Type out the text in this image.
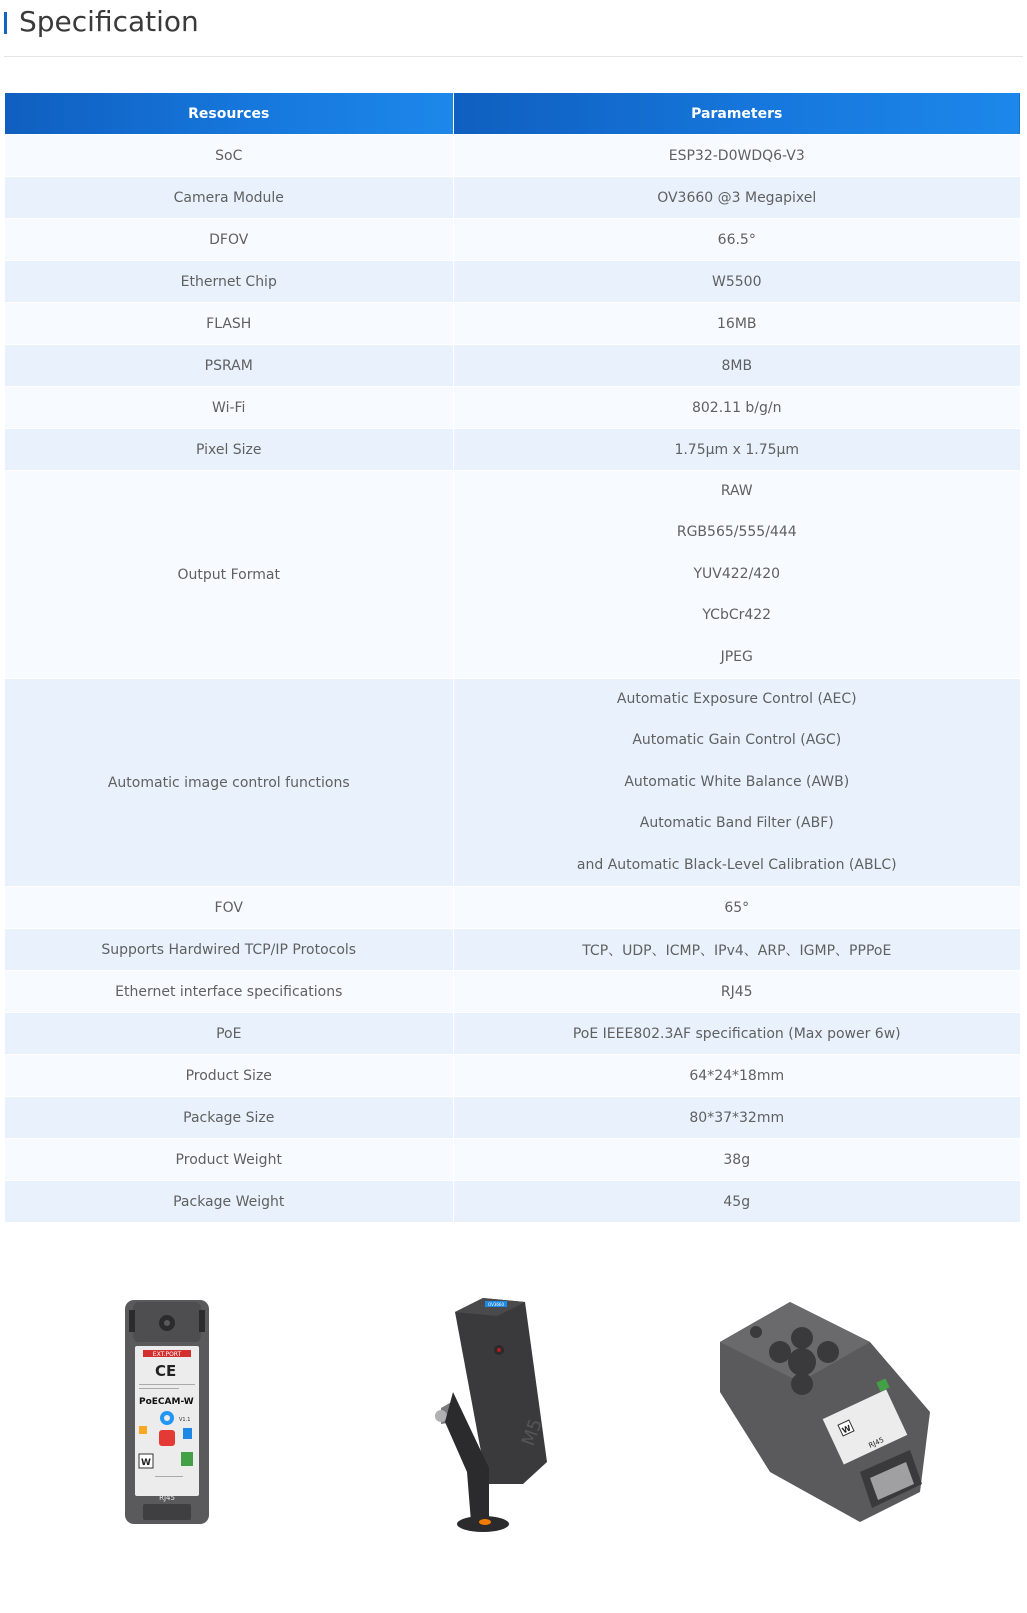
Specification
Resources	Parameters
SoC	ESP32-D0WDQ6-V3
Camera Module	OV3660 @3 Megapixel
DFOV	66.5°
Ethernet Chip	W5500
FLASH	16MB
PSRAM	8MB
Wi-Fi	802.11 b/g/n
Pixel Size	1.75µm x 1.75µm
Output Format	RAW
RGB565/555/444
YUV422/420
YCbCr422
JPEG

Automatic image control functions	Automatic Exposure Control (AEC)
Automatic Gain Control (AGC)
Automatic White Balance (AWB)
Automatic Band Filter (ABF)
and Automatic Black-Level Calibration (ABLC)

FOV	65°
Supports Hardwired TCP/IP Protocols	TCP、UDP、ICMP、IPv4、ARP、IGMP、PPPoE
Ethernet interface specifications	RJ45
PoE	PoE IEEE802.3AF specification (Max power 6w)
Product Size	64*24*18mm
Package Size	80*37*32mm
Product Weight	38g
Package Weight	45g
EXT.PORT
CE
PoECAM-W
V1.1
W
RJ45
OV3660
M5	W
RJ45
